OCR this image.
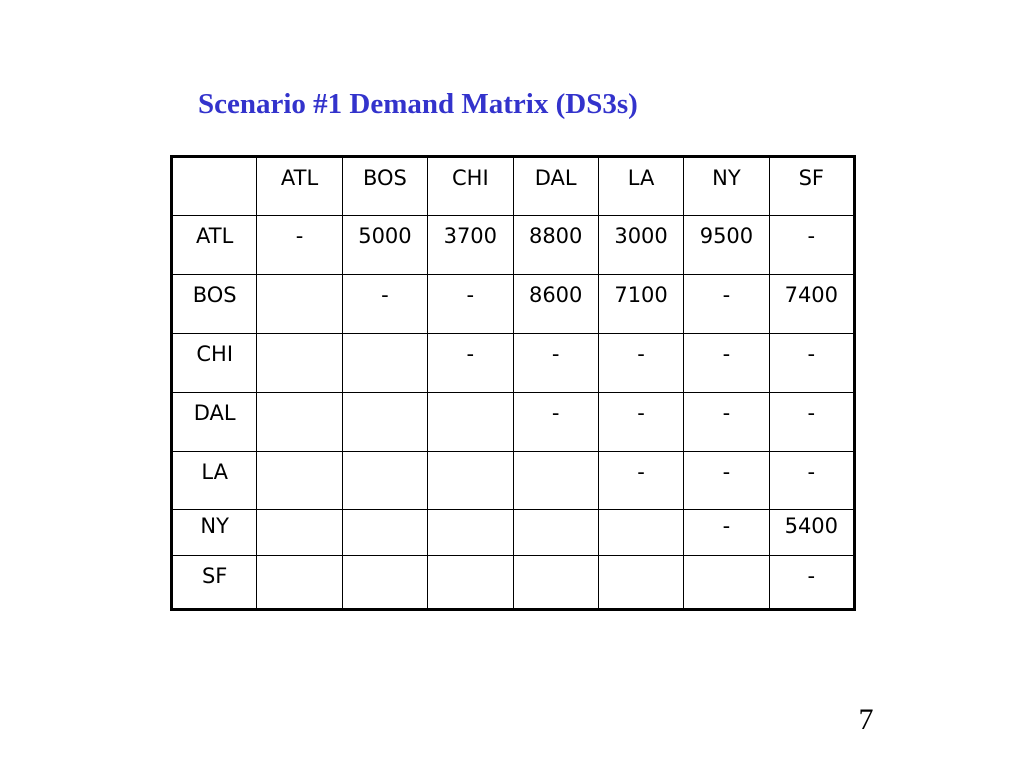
Scenario #1 Demand Matrix (DS3s)
	ATL	BOS	CHI	DAL	LA	NY	SF
ATL	-	5000	3700	8800	3000	9500	-
BOS		-	-	8600	7100	-	7400
CHI			-	-	-	-	-
DAL				-	-	-	-
LA					-	-	-
NY						-	5400
SF							-
7
